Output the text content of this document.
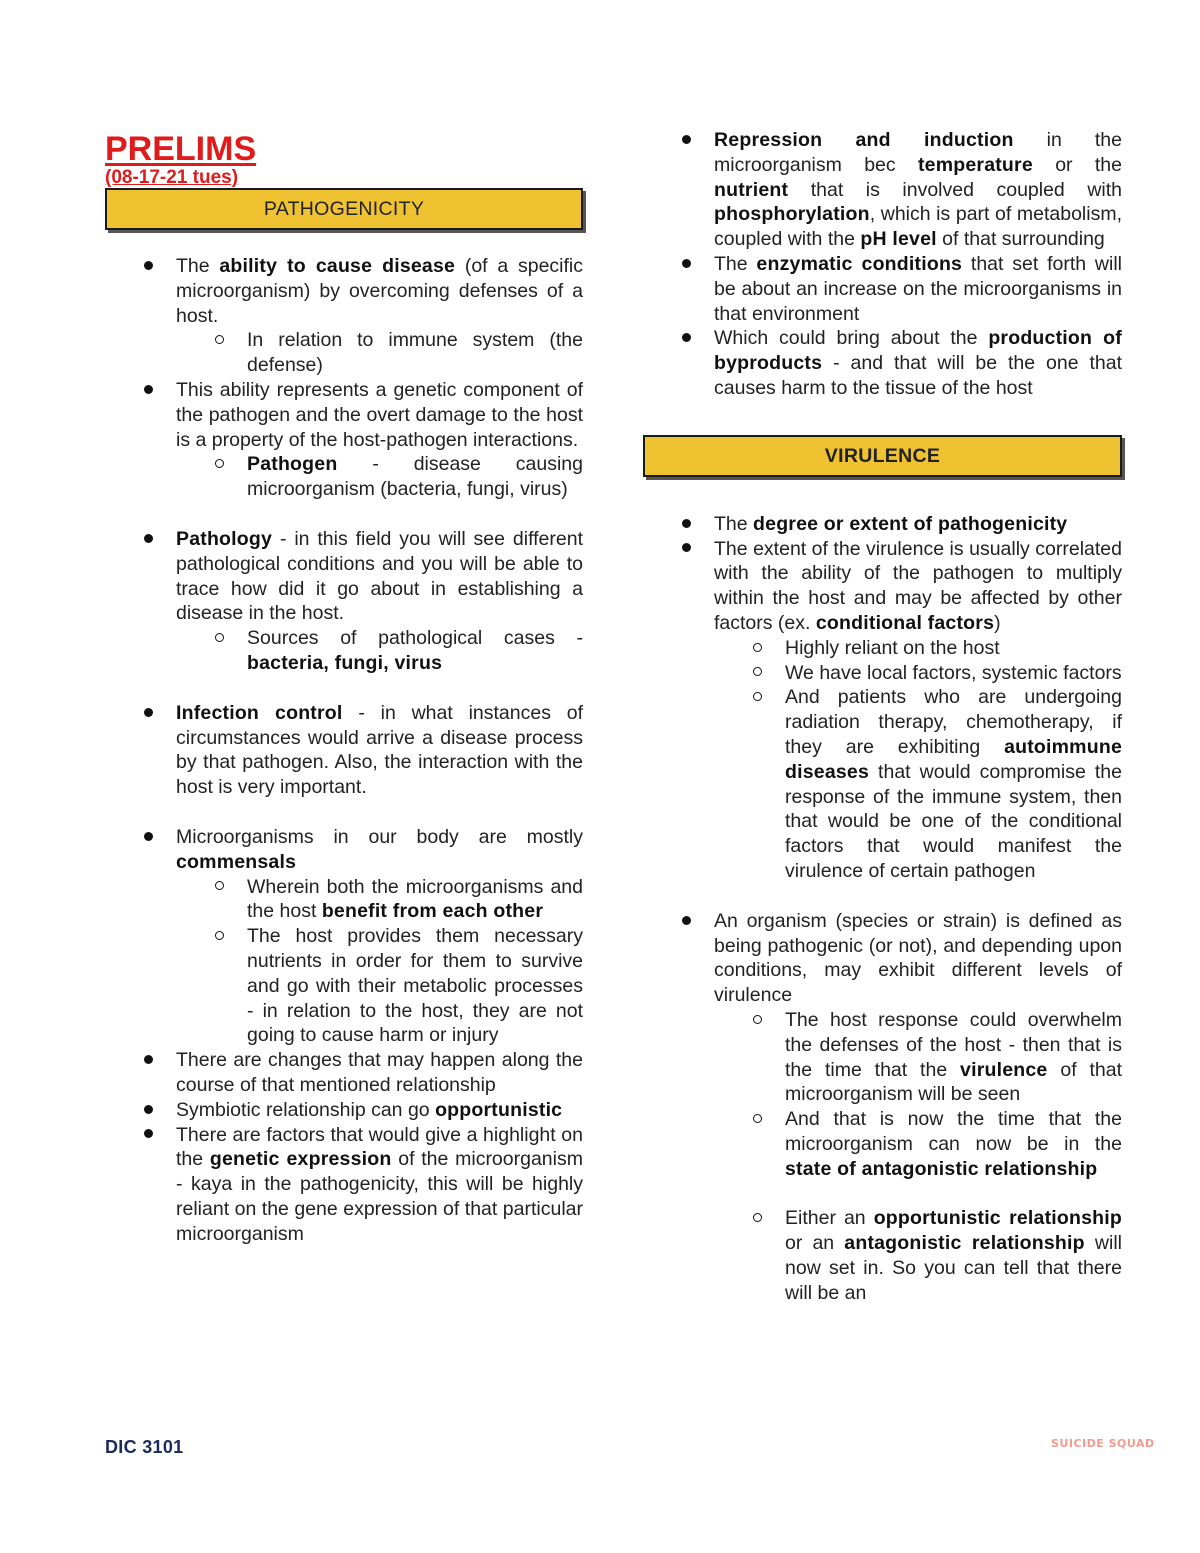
PRELIMS
(08-17-21 tues)
PATHOGENICITY
The ability to cause disease (of a specific microorganism) by overcoming defenses of a host.
In relation to immune system (the defense)
This ability represents a genetic component of the pathogen and the overt damage to the host is a property of the host-pathogen interactions.
Pathogen - disease causing microorganism (bacteria, fungi, virus)
Pathology - in this field you will see different pathological conditions and you will be able to trace how did it go about in establishing a disease in the host.
Sources of pathological cases - bacteria, fungi, virus
Infection control - in what instances of circumstances would arrive a disease process by that pathogen. Also, the interaction with the host is very important.
Microorganisms in our body are mostly commensals
Wherein both the microorganisms and the host benefit from each other
The host provides them necessary nutrients in order for them to survive and go with their metabolic processes - in relation to the host, they are not going to cause harm or injury
There are changes that may happen along the course of that mentioned relationship
Symbiotic relationship can go opportunistic
There are factors that would give a highlight on the genetic expression of the microorganism - kaya in the pathogenicity, this will be highly reliant on the gene expression of that particular microorganism
Repression and induction in the microorganism bec temperature or the nutrient that is involved coupled with phosphorylation, which is part of metabolism, coupled with the pH level of that surrounding
The enzymatic conditions that set forth will be about an increase on the microorganisms in that environment
Which could bring about the production of byproducts - and that will be the one that causes harm to the tissue of the host
VIRULENCE
The degree or extent of pathogenicity
The extent of the virulence is usually correlated with the ability of the pathogen to multiply within the host and may be affected by other factors (ex. conditional factors)
Highly reliant on the host
We have local factors, systemic factors
And patients who are undergoing radiation therapy, chemotherapy, if they are exhibiting autoimmune diseases that would compromise the response of the immune system, then that would be one of the conditional factors that would manifest the virulence of certain pathogen
An organism (species or strain) is defined as being pathogenic (or not), and depending upon conditions, may exhibit different levels of virulence
The host response could overwhelm the defenses of the host - then that is the time that the virulence of that microorganism will be seen
And that is now the time that the microorganism can now be in the state of antagonistic relationship
Either an opportunistic relationship or an antagonistic relationship will now set in. So you can tell that there will be an
DIC 3101	SUICIDE SQUAD
